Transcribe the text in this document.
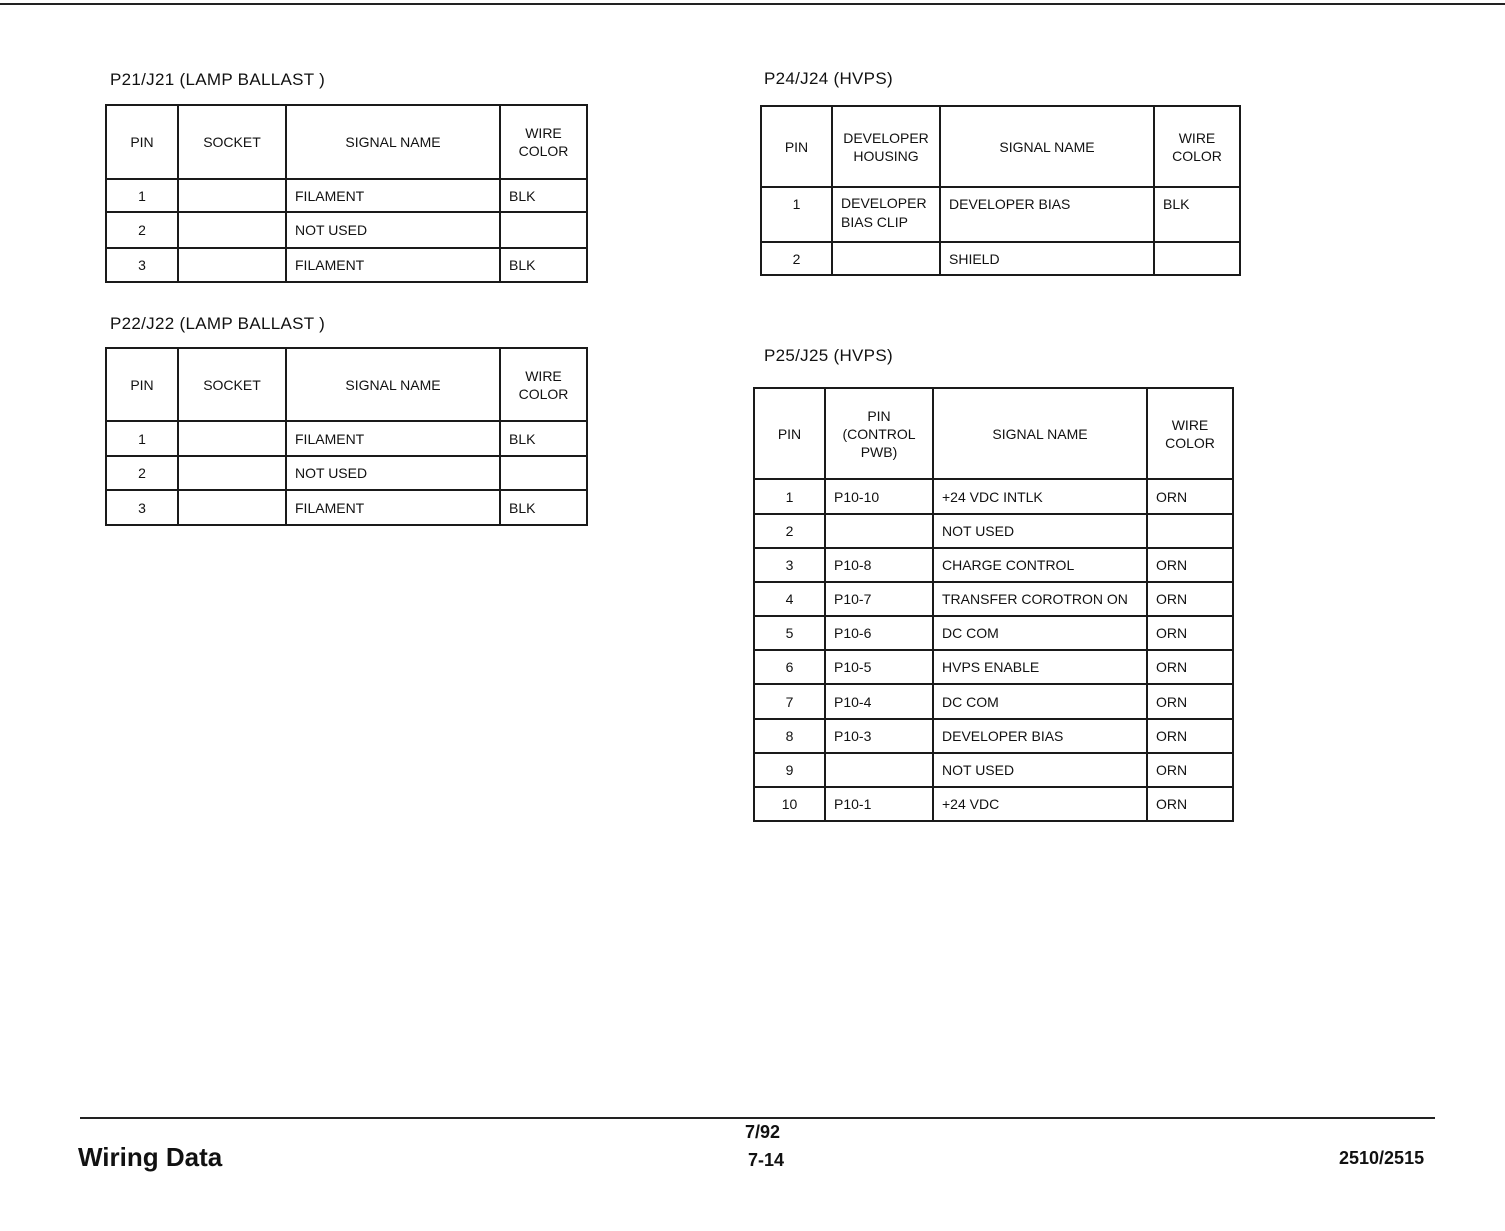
P21/J21 (LAMP BALLAST )
PIN	SOCKET	SIGNAL NAME	WIRE COLOR
1		FILAMENT	BLK
2		NOT USED	
3		FILAMENT	BLK
P22/J22 (LAMP BALLAST )
PIN	SOCKET	SIGNAL NAME	WIRE COLOR
1		FILAMENT	BLK
2		NOT USED	
3		FILAMENT	BLK
P24/J24 (HVPS)
PIN	DEVELOPER HOUSING	SIGNAL NAME	WIRE COLOR
1	DEVELOPER BIAS CLIP	DEVELOPER BIAS	BLK
2		SHIELD	
P25/J25 (HVPS)
PIN	PIN (CONTROL PWB)	SIGNAL NAME	WIRE COLOR
1	P10-10	+24 VDC INTLK	ORN
2		NOT USED	
3	P10-8	CHARGE CONTROL	ORN
4	P10-7	TRANSFER COROTRON ON	ORN
5	P10-6	DC COM	ORN
6	P10-5	HVPS ENABLE	ORN
7	P10-4	DC COM	ORN
8	P10-3	DEVELOPER BIAS	ORN
9		NOT USED	ORN
10	P10-1	+24 VDC	ORN
Wiring Data
7/92
7-14	2510/2515
